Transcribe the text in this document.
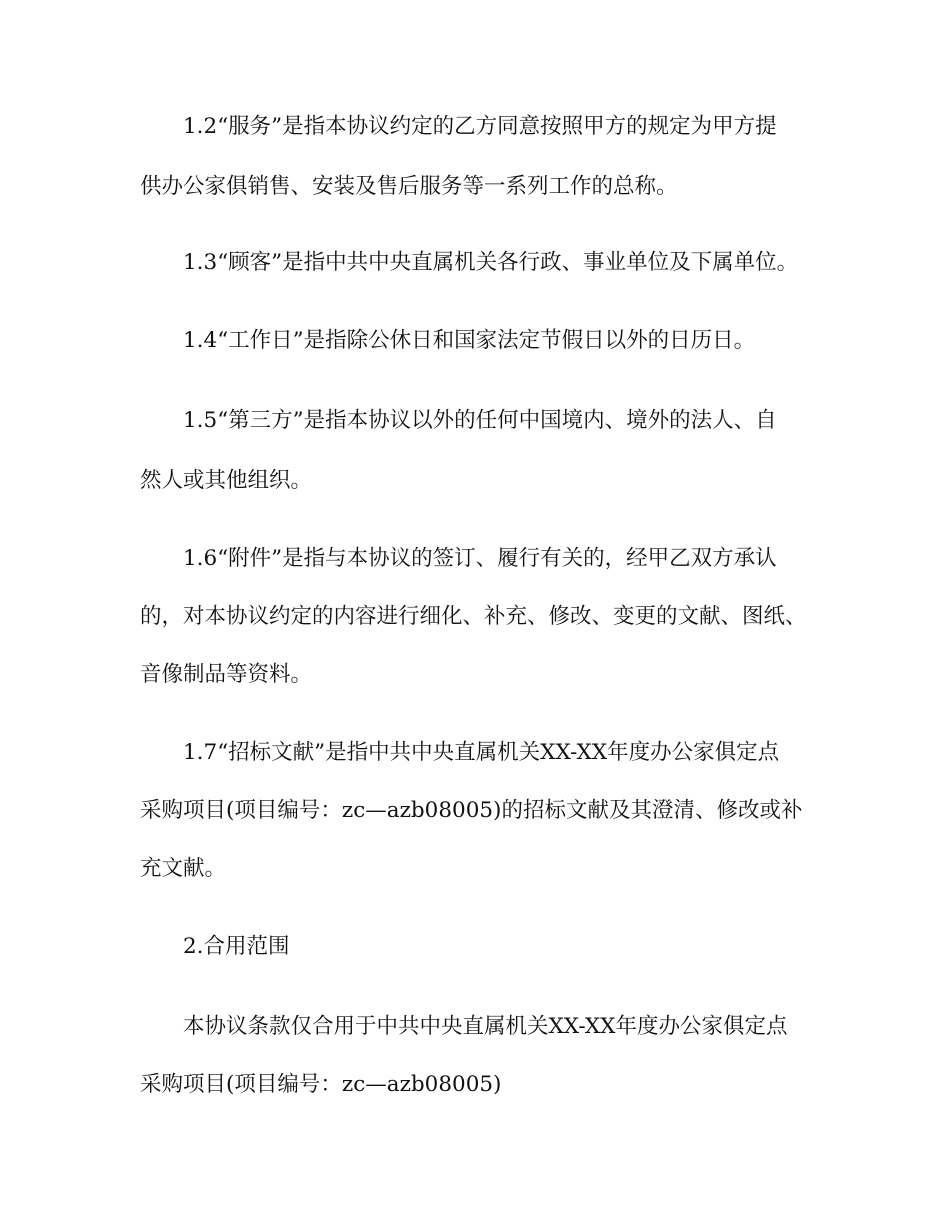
1.2“服务”是指本协议约定的乙方同意按照甲方的规定为甲方提
供办公家俱销售、安装及售后服务等一系列工作的总称。
1.3“顾客”是指中共中央直属机关各行政、事业单位及下属单位。
1.4“工作日”是指除公休日和国家法定节假日以外的日历日。
1.5“第三方”是指本协议以外的任何中国境内、境外的法人、自
然人或其他组织。
1.6“附件”是指与本协议的签订、履行有关的，经甲乙双方承认
的，对本协议约定的内容进行细化、补充、修改、变更的文献、图纸、
音像制品等资料。
1.7“招标文献”是指中共中央直属机关XX-XX年度办公家俱定点
采购项目(项目编号：zc—azb08005)的招标文献及其澄清、修改或补
充文献。
2.合用范围
本协议条款仅合用于中共中央直属机关XX-XX年度办公家俱定点
采购项目(项目编号：zc—azb08005)
